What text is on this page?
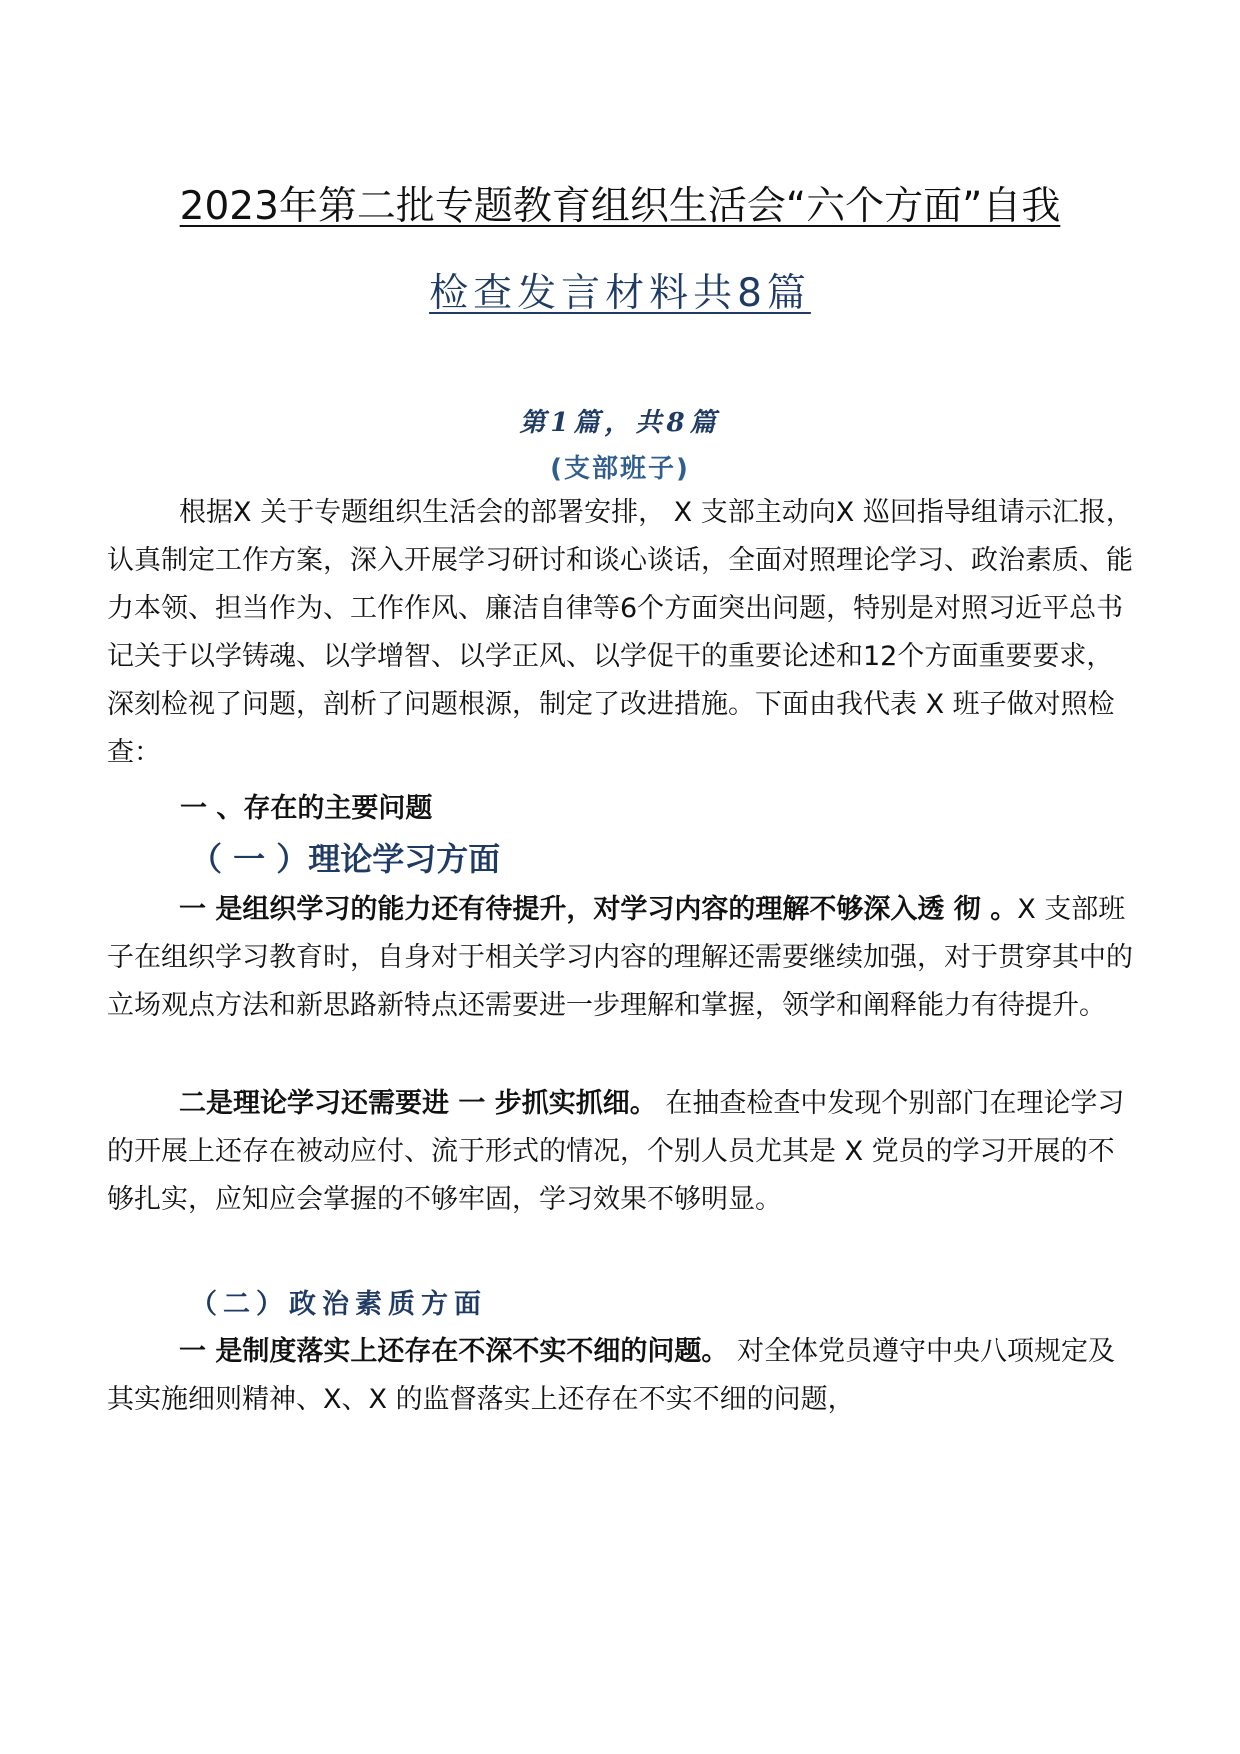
2023年第二批专题教育组织生活会“六个方面”自我
检查发言材料共8篇

第1篇，共8篇

(支部班子)

根据X 关于专题组织生活会的部署安排， X 支部主动向X 巡回指导组请示汇报，认真制定工作方案，深入开展学习研讨和谈心谈话，全面对照理论学习、政治素质、能力本领、担当作为、工作作风、廉洁自律等6个方面突出问题，特别是对照习近平总书记关于以学铸魂、以学增智、以学正风、以学促干的重要论述和12个方面重要要求，深刻检视了问题，剖析了问题根源，制定了改进措施。下面由我代表 X 班子做对照检查：

一 、存在的主要问题
（ 一 ）理论学习方面

一 是组织学习的能力还有待提升，对学习内容的理解不够深入透 彻 。X 支部班子在组织学习教育时，自身对于相关学习内容的理解还需要继续加强，对于贯穿其中的立场观点方法和新思路新特点还需要进一步理解和掌握，领学和阐释能力有待提升。

二是理论学习还需要进 一 步抓实抓细。 在抽查检查中发现个别部门在理论学习的开展上还存在被动应付、流于形式的情况，个别人员尤其是 X 党员的学习开展的不够扎实，应知应会掌握的不够牢固，学习效果不够明显。

（二）政治素质方面

一 是制度落实上还存在不深不实不细的问题。 对全体党员遵守中央八项规定及其实施细则精神、X、X 的监督落实上还存在不实不细的问题，
